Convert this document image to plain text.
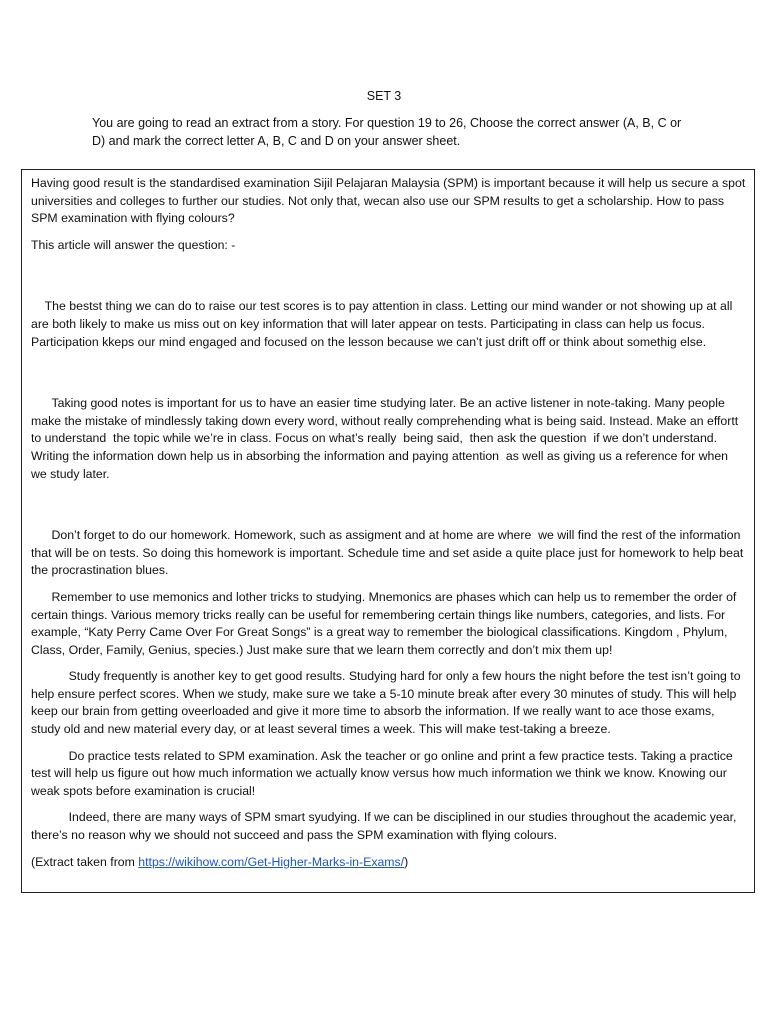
SET 3
You are going to read an extract from a story. For question 19 to 26, Choose the correct answer (A, B, C or D) and mark the correct letter A, B, C and D on your answer sheet.

Having good result is the standardised examination Sijil Pelajaran Malaysia (SPM) is important because it will help us secure a spot universities and colleges to further our studies. Not only that, wecan also use our SPM results to get a scholarship. How to pass SPM examination with flying colours?

This article will answer the question: -

The bestst thing we can do to raise our test scores is to pay attention in class. Letting our mind wander or not showing up at all are both likely to make us miss out on key information that will later appear on tests. Participating in class can help us focus. Participation kkeps our mind engaged and focused on the lesson because we can’t just drift off or think about somethig else.

Taking good notes is important for us to have an easier time studying later. Be an active listener in note-taking. Many people make the mistake of mindlessly taking down every word, without really comprehending what is being said. Instead. Make an effortt to understand  the topic while we’re in class. Focus on what’s really  being said,  then ask the question  if we don’t understand. Writing the information down help us in absorbing the information and paying attention  as well as giving us a reference for when we study later.

Don’t forget to do our homework. Homework, such as assigment and at home are where  we will find the rest of the information that will be on tests. So doing this homework is important. Schedule time and set aside a quite place just for homework to help beat the procrastination blues.

Remember to use memonics and lother tricks to studying. Mnemonics are phases which can help us to remember the order of certain things. Various memory tricks really can be useful for remembering certain things like numbers, categories, and lists. For example, “Katy Perry Came Over For Great Songs” is a great way to remember the biological classifications. Kingdom , Phylum, Class, Order, Family, Genius, species.) Just make sure that we learn them correctly and don’t mix them up!

Study frequently is another key to get good results. Studying hard for only a few hours the night before the test isn’t going to help ensure perfect scores. When we study, make sure we take a 5-10 minute break after every 30 minutes of study. This will help keep our brain from getting oveerloaded and give it more time to absorb the information. If we really want to ace those exams, study old and new material every day, or at least several times a week. This will make test-taking a breeze.

Do practice tests related to SPM examination. Ask the teacher or go online and print a few practice tests. Taking a practice test will help us figure out how much information we actually know versus how much information we think we know. Knowing our weak spots before examination is crucial!

Indeed, there are many ways of SPM smart syudying. If we can be disciplined in our studies throughout the academic year, there’s no reason why we should not succeed and pass the SPM examination with flying colours.

(Extract taken from https://wikihow.com/Get-Higher-Marks-in-Exams/)
